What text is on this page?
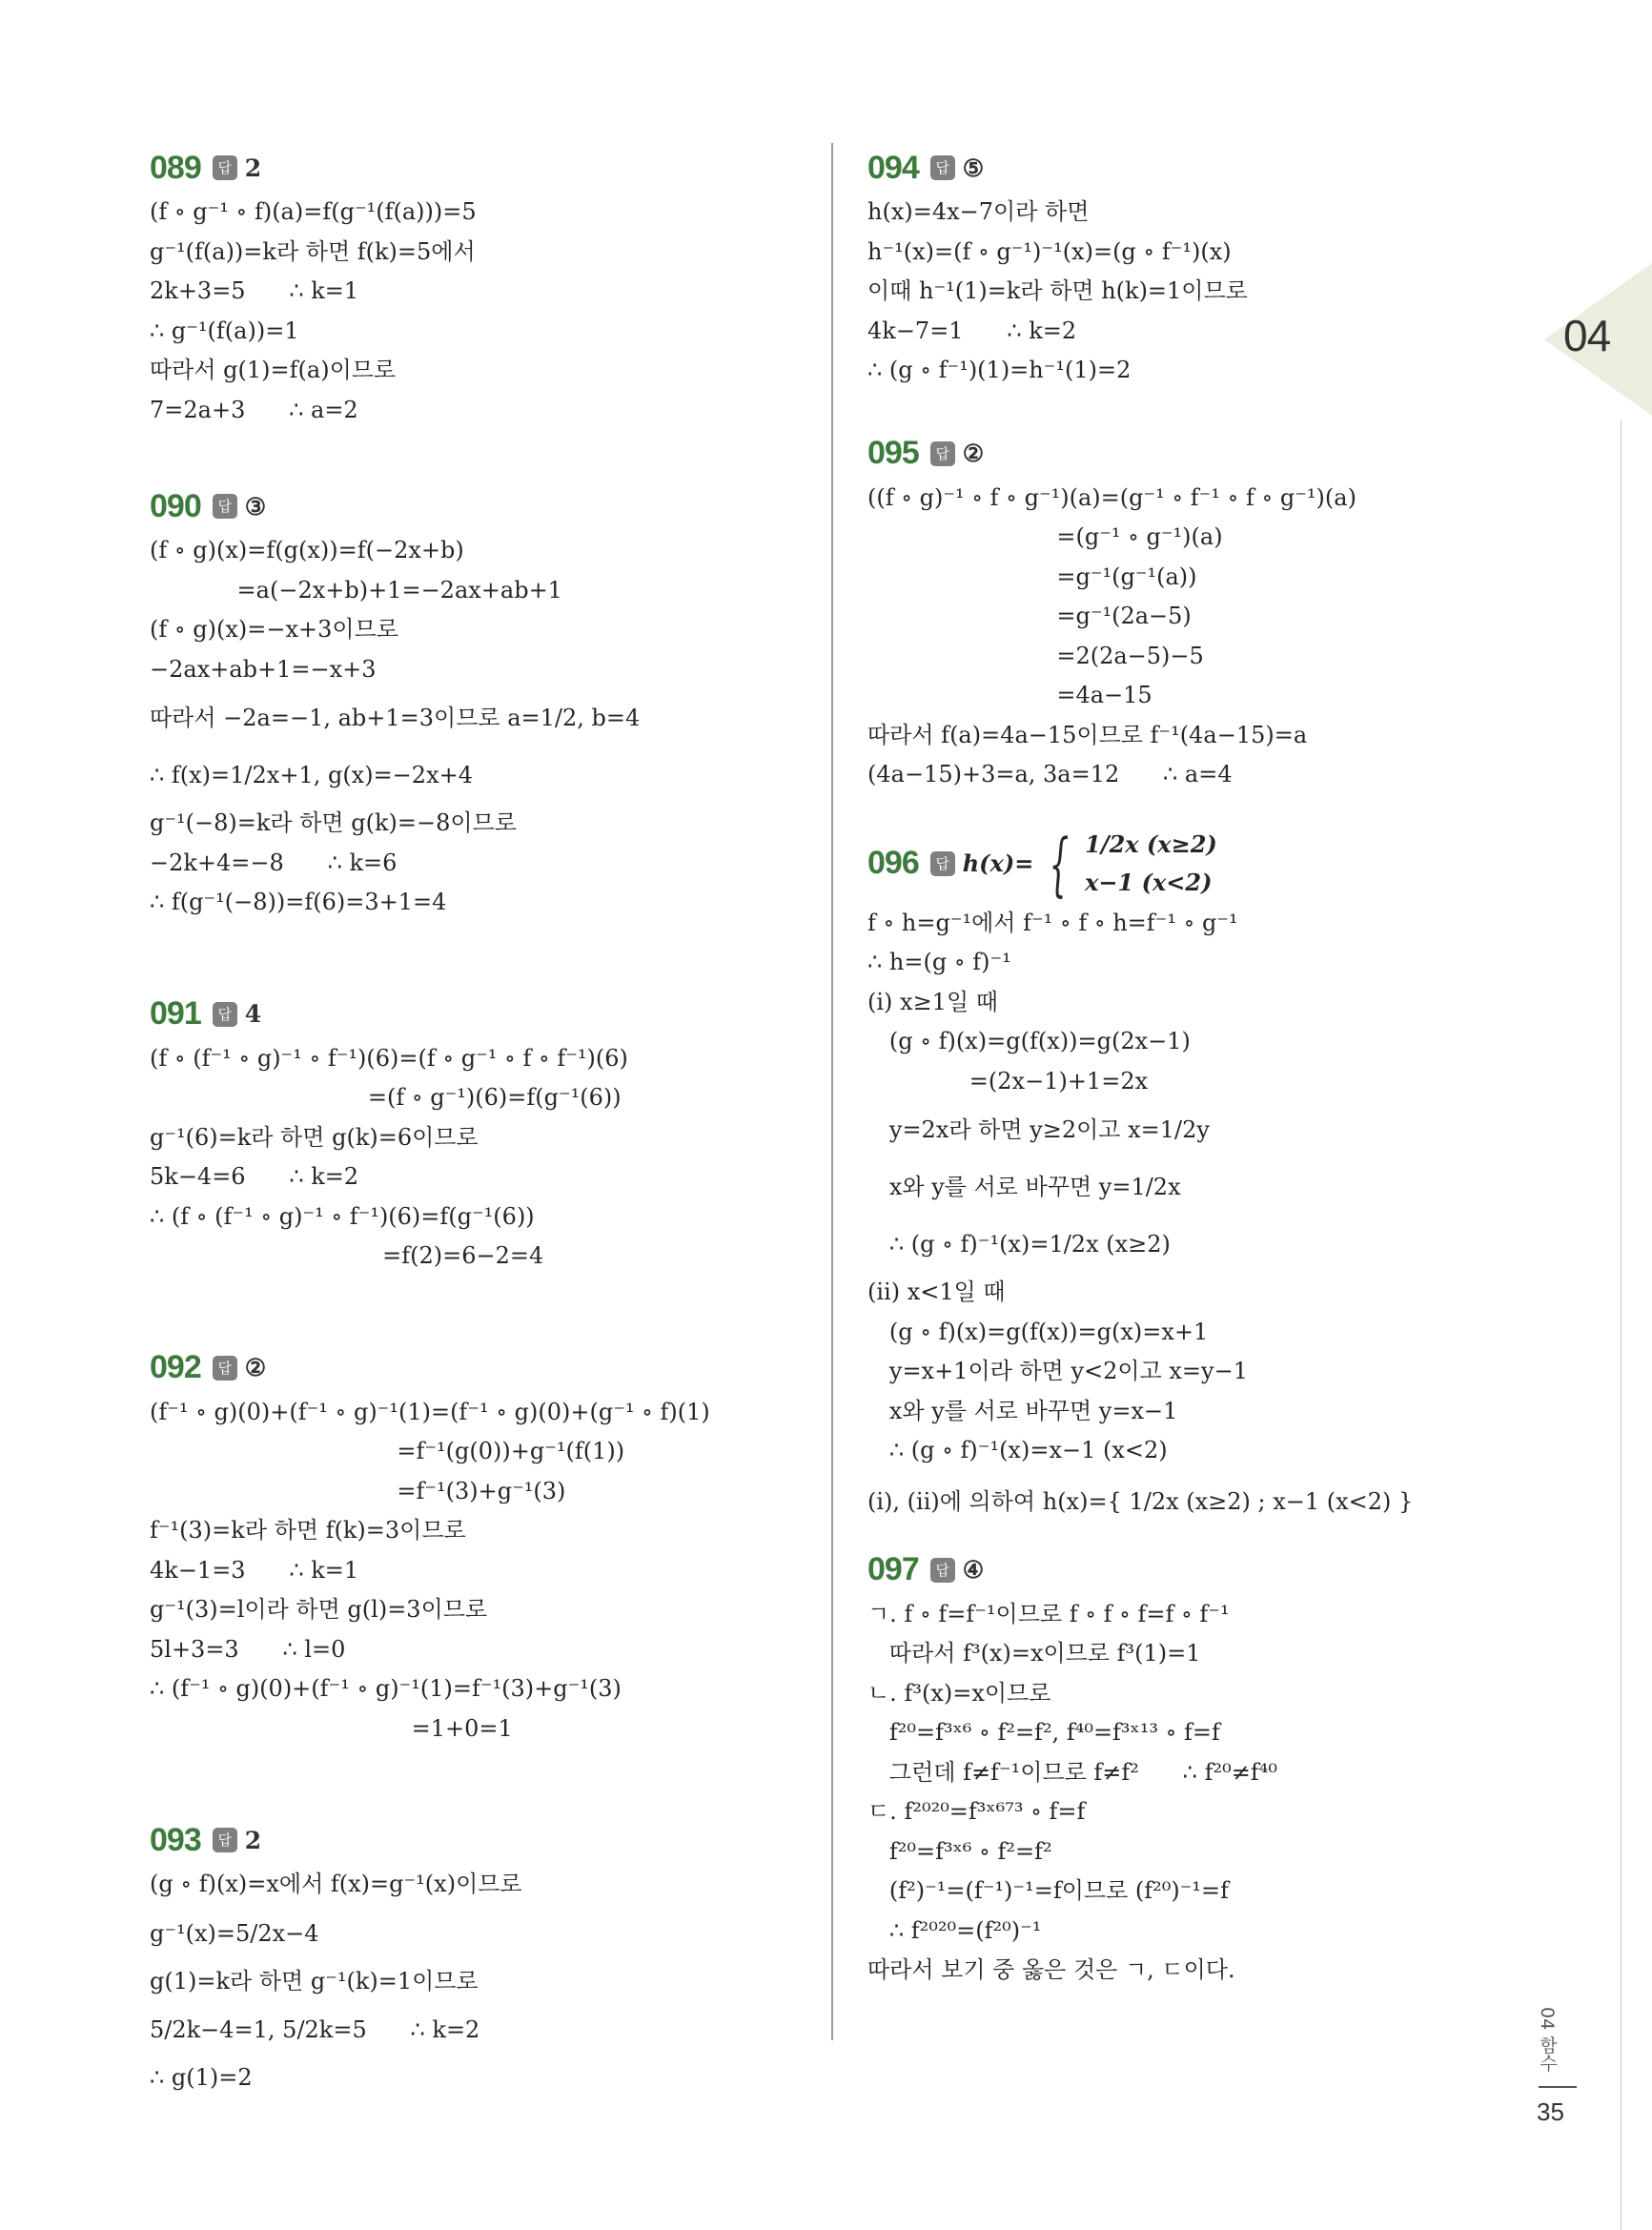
04
04 함수
35
089	답 2
(f ∘ g⁻¹ ∘ f)(a)=f(g⁻¹(f(a)))=5
g⁻¹(f(a))=k라 하면 f(k)=5에서
2k+3=5      ∴ k=1
∴ g⁻¹(f(a))=1
따라서 g(1)=f(a)이므로
7=2a+3      ∴ a=2
090	답 ③
(f ∘ g)(x)=f(g(x))=f(−2x+b)
=a(−2x+b)+1=−2ax+ab+1
(f ∘ g)(x)=−x+3이므로
−2ax+ab+1=−x+3
따라서 −2a=−1, ab+1=3이므로 a=1/2, b=4
∴ f(x)=1/2x+1, g(x)=−2x+4
g⁻¹(−8)=k라 하면 g(k)=−8이므로
−2k+4=−8      ∴ k=6
∴ f(g⁻¹(−8))=f(6)=3+1=4
091	답 4
(f ∘ (f⁻¹ ∘ g)⁻¹ ∘ f⁻¹)(6)=(f ∘ g⁻¹ ∘ f ∘ f⁻¹)(6)
=(f ∘ g⁻¹)(6)=f(g⁻¹(6))
g⁻¹(6)=k라 하면 g(k)=6이므로
5k−4=6      ∴ k=2
∴ (f ∘ (f⁻¹ ∘ g)⁻¹ ∘ f⁻¹)(6)=f(g⁻¹(6))
=f(2)=6−2=4
092	답 ②
(f⁻¹ ∘ g)(0)+(f⁻¹ ∘ g)⁻¹(1)=(f⁻¹ ∘ g)(0)+(g⁻¹ ∘ f)(1)
=f⁻¹(g(0))+g⁻¹(f(1))
=f⁻¹(3)+g⁻¹(3)
f⁻¹(3)=k라 하면 f(k)=3이므로
4k−1=3      ∴ k=1
g⁻¹(3)=l이라 하면 g(l)=3이므로
5l+3=3      ∴ l=0
∴ (f⁻¹ ∘ g)(0)+(f⁻¹ ∘ g)⁻¹(1)=f⁻¹(3)+g⁻¹(3)
=1+0=1
093	답 2
(g ∘ f)(x)=x에서 f(x)=g⁻¹(x)이므로
g⁻¹(x)=5/2x−4
g(1)=k라 하면 g⁻¹(k)=1이므로
5/2k−4=1, 5/2k=5      ∴ k=2
∴ g(1)=2
094	답 ⑤
h(x)=4x−7이라 하면
h⁻¹(x)=(f ∘ g⁻¹)⁻¹(x)=(g ∘ f⁻¹)(x)
이때 h⁻¹(1)=k라 하면 h(k)=1이므로
4k−7=1      ∴ k=2
∴ (g ∘ f⁻¹)(1)=h⁻¹(1)=2
095	답 ②
((f ∘ g)⁻¹ ∘ f ∘ g⁻¹)(a)=(g⁻¹ ∘ f⁻¹ ∘ f ∘ g⁻¹)(a)
=(g⁻¹ ∘ g⁻¹)(a)
=g⁻¹(g⁻¹(a))
=g⁻¹(2a−5)
=2(2a−5)−5
=4a−15
따라서 f(a)=4a−15이므로 f⁻¹(4a−15)=a
(4a−15)+3=a, 3a=12      ∴ a=4
096	답 h(x)= { 1/2x (x≥2)
x−1 (x<2)
f ∘ h=g⁻¹에서 f⁻¹ ∘ f ∘ h=f⁻¹ ∘ g⁻¹
∴ h=(g ∘ f)⁻¹
(ⅰ) x≥1일 때
(g ∘ f)(x)=g(f(x))=g(2x−1)
=(2x−1)+1=2x
y=2x라 하면 y≥2이고 x=1/2y
x와 y를 서로 바꾸면 y=1/2x
∴ (g ∘ f)⁻¹(x)=1/2x (x≥2)
(ⅱ) x<1일 때
(g ∘ f)(x)=g(f(x))=g(x)=x+1
y=x+1이라 하면 y<2이고 x=y−1
x와 y를 서로 바꾸면 y=x−1
∴ (g ∘ f)⁻¹(x)=x−1 (x<2)
(ⅰ), (ⅱ)에 의하여 h(x)={ 1/2x (x≥2) ; x−1 (x<2) }
097	답 ④
ㄱ. f ∘ f=f⁻¹이므로 f ∘ f ∘ f=f ∘ f⁻¹
따라서 f³(x)=x이므로 f³(1)=1
ㄴ. f³(x)=x이므로
f²⁰=f³ˣ⁶ ∘ f²=f², f⁴⁰=f³ˣ¹³ ∘ f=f
그런데 f≠f⁻¹이므로 f≠f²      ∴ f²⁰≠f⁴⁰
ㄷ. f²⁰²⁰=f³ˣ⁶⁷³ ∘ f=f
f²⁰=f³ˣ⁶ ∘ f²=f²
(f²)⁻¹=(f⁻¹)⁻¹=f이므로 (f²⁰)⁻¹=f
∴ f²⁰²⁰=(f²⁰)⁻¹
따라서 보기 중 옳은 것은 ㄱ, ㄷ이다.
